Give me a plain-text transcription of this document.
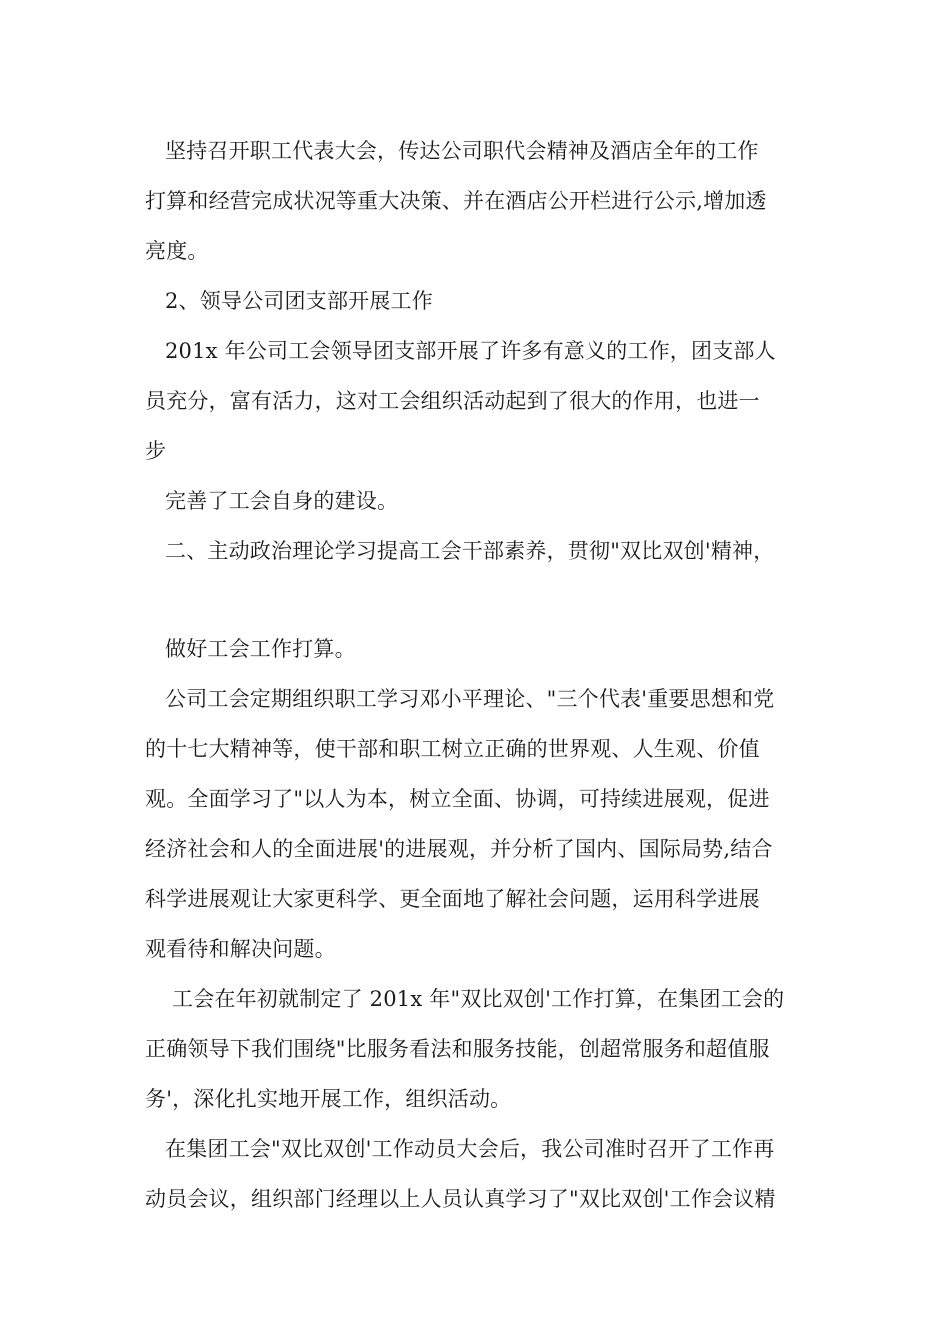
坚持召开职工代表大会，传达公司职代会精神及酒店全年的工作
打算和经营完成状况等重大决策、并在酒店公开栏进行公示,增加透
亮度。
2、领导公司团支部开展工作
201x 年公司工会领导团支部开展了许多有意义的工作，团支部人
员充分，富有活力，这对工会组织活动起到了很大的作用，也进一
步
完善了工会自身的建设。
二、主动政治理论学习提高工会干部素养，贯彻"双比双创'精神，
做好工会工作打算。
公司工会定期组织职工学习邓小平理论、"三个代表'重要思想和党
的十七大精神等，使干部和职工树立正确的世界观、人生观、价值
观。全面学习了"以人为本，树立全面、协调，可持续进展观，促进
经济社会和人的全面进展'的进展观，并分析了国内、国际局势,结合
科学进展观让大家更科学、更全面地了解社会问题，运用科学进展
观看待和解决问题。
工会在年初就制定了 201x 年"双比双创'工作打算，在集团工会的
正确领导下我们围绕"比服务看法和服务技能，创超常服务和超值服
务'，深化扎实地开展工作，组织活动。
在集团工会"双比双创'工作动员大会后，我公司准时召开了工作再
动员会议，组织部门经理以上人员认真学习了"双比双创'工作会议精
